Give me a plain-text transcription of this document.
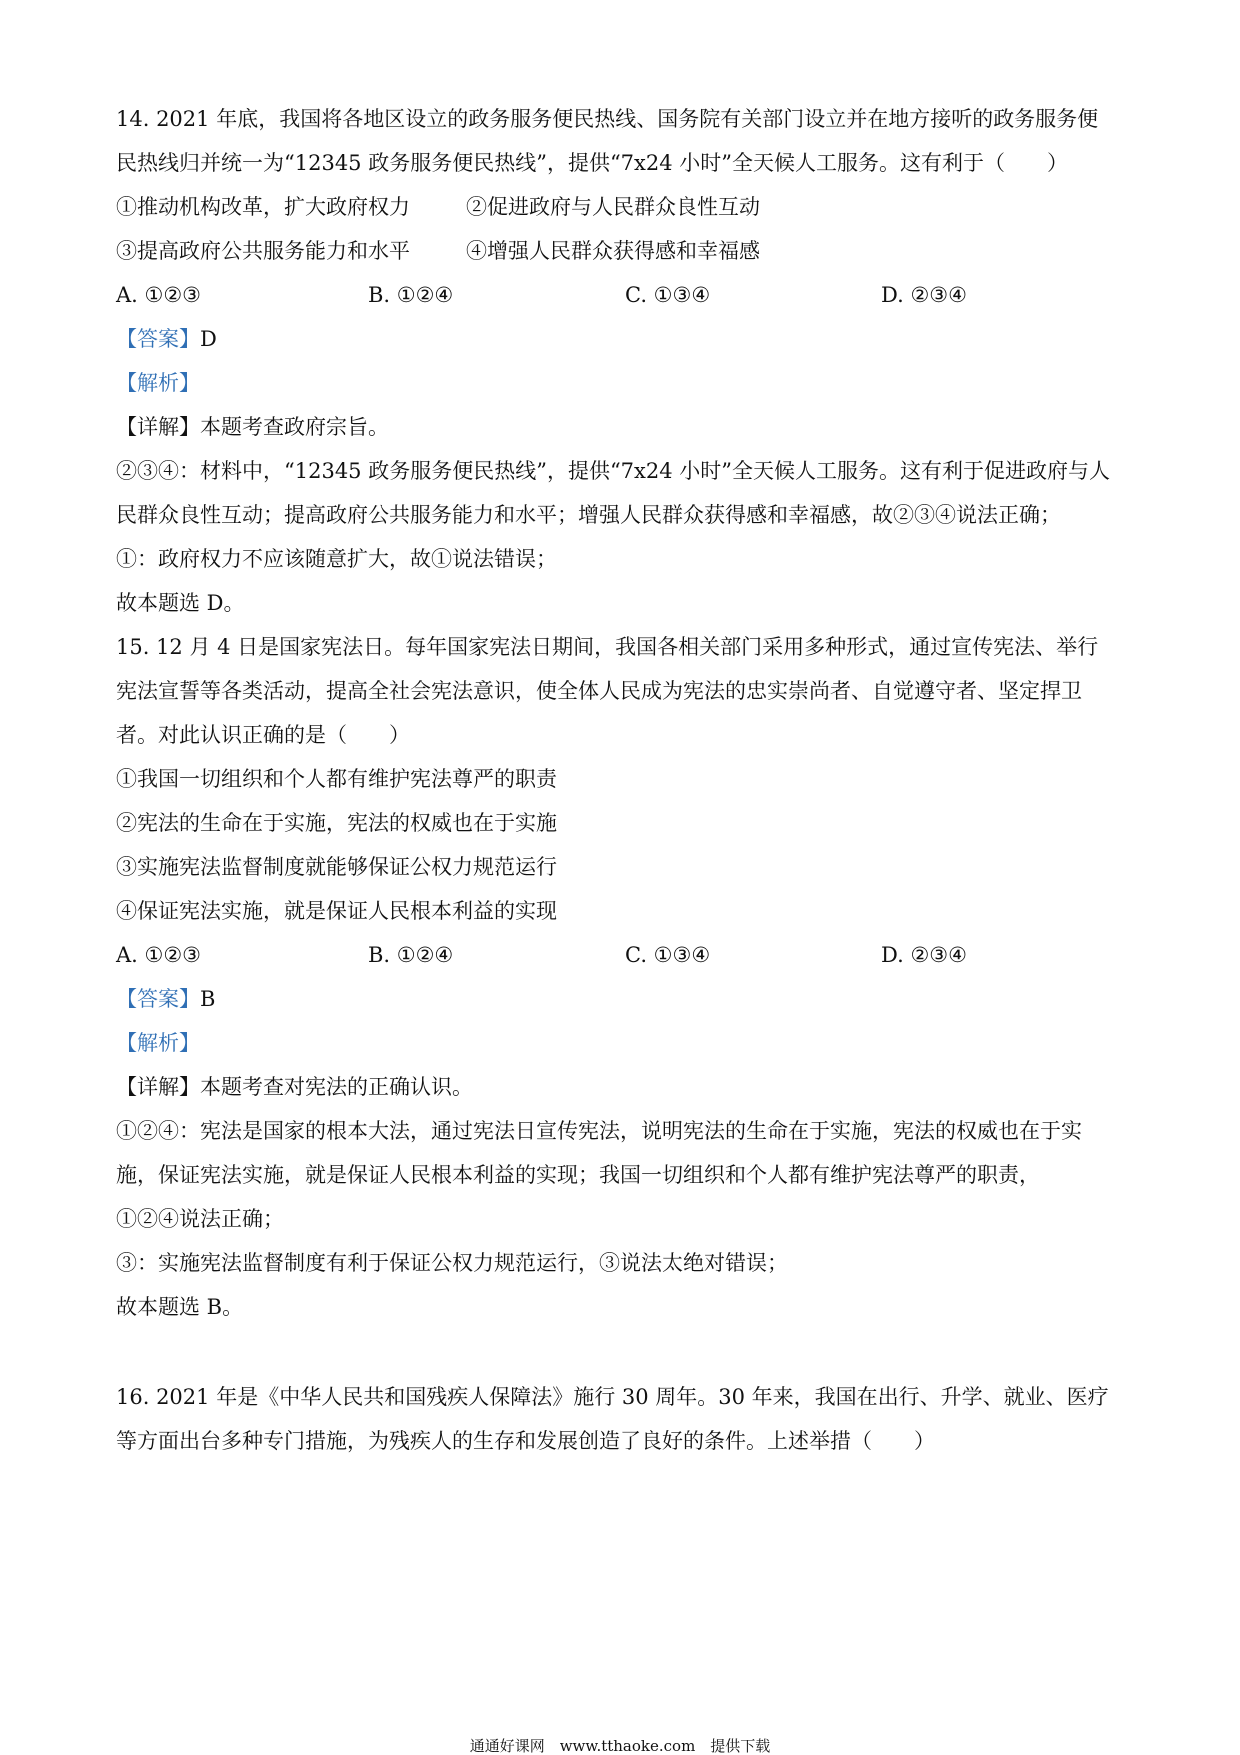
14. 2021 年底，我国将各地区设立的政务服务便民热线、国务院有关部门设立并在地方接听的政务服务便
民热线归并统一为“12345 政务服务便民热线”，提供“7x24 小时”全天候人工服务。这有利于（　　）
①推动机构改革，扩大政府权力	②促进政府与人民群众良性互动
③提高政府公共服务能力和水平	④增强人民群众获得感和幸福感
A. ①②③	B. ①②④	C. ①③④	D. ②③④
【答案】D
【解析】
【详解】本题考查政府宗旨。
②③④：材料中，“12345 政务服务便民热线”，提供“7x24 小时”全天候人工服务。这有利于促进政府与人
民群众良性互动；提高政府公共服务能力和水平；增强人民群众获得感和幸福感，故②③④说法正确；
①：政府权力不应该随意扩大，故①说法错误；
故本题选 D。
15. 12 月 4 日是国家宪法日。每年国家宪法日期间，我国各相关部门采用多种形式，通过宣传宪法、举行
宪法宣誓等各类活动，提高全社会宪法意识，使全体人民成为宪法的忠实崇尚者、自觉遵守者、坚定捍卫
者。对此认识正确的是（　　）
①我国一切组织和个人都有维护宪法尊严的职责
②宪法的生命在于实施，宪法的权威也在于实施
③实施宪法监督制度就能够保证公权力规范运行
④保证宪法实施，就是保证人民根本利益的实现
A. ①②③	B. ①②④	C. ①③④	D. ②③④
【答案】B
【解析】
【详解】本题考查对宪法的正确认识。
①②④：宪法是国家的根本大法，通过宪法日宣传宪法，说明宪法的生命在于实施，宪法的权威也在于实
施，保证宪法实施，就是保证人民根本利益的实现；我国一切组织和个人都有维护宪法尊严的职责，
①②④说法正确；
③：实施宪法监督制度有利于保证公权力规范运行，③说法太绝对错误；
故本题选 B。
16. 2021 年是《中华人民共和国残疾人保障法》施行 30 周年。30 年来，我国在出行、升学、就业、医疗
等方面出台多种专门措施，为残疾人的生存和发展创造了良好的条件。上述举措（　　）
通通好课网　www.tthaoke.com　提供下载
